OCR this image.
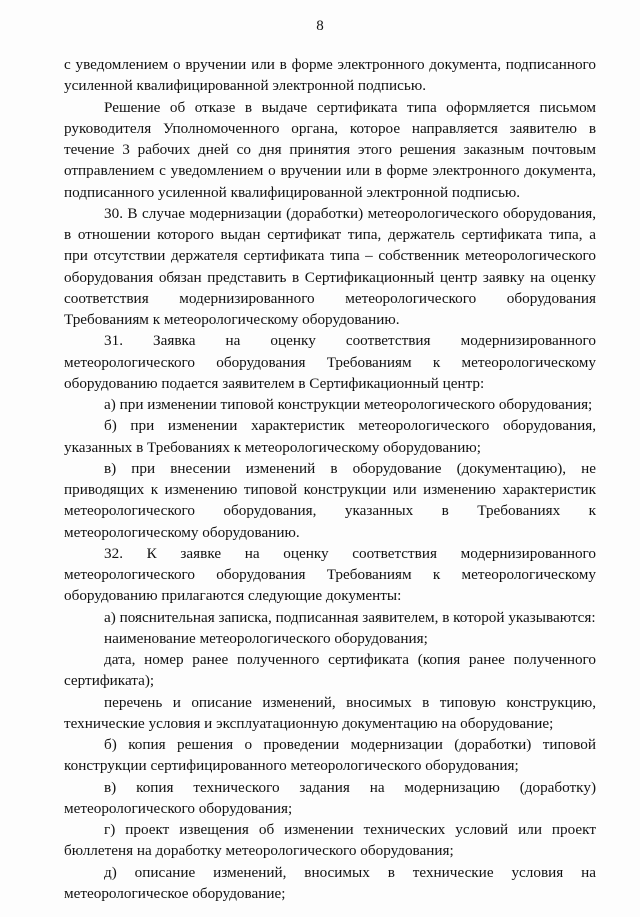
8

с уведомлением о вручении или в форме электронного документа, подписанного усиленной квалифицированной электронной подписью.

Решение об отказе в выдаче сертификата типа оформляется письмом руководителя Уполномоченного органа, которое направляется заявителю в течение 3 рабочих дней со дня принятия этого решения заказным почтовым отправлением с уведомлением о вручении или в форме электронного документа, подписанного усиленной квалифицированной электронной подписью.

30. В случае модернизации (доработки) метеорологического оборудования, в отношении которого выдан сертификат типа, держатель сертификата типа, а при отсутствии держателя сертификата типа – собственник метеорологического оборудования обязан представить в Сертификационный центр заявку на оценку соответствия модернизированного метеорологического оборудования Требованиям к метеорологическому оборудованию.

31. Заявка на оценку соответствия модернизированного метеорологического оборудования Требованиям к метеорологическому оборудованию подается заявителем в Сертификационный центр:

а) при изменении типовой конструкции метеорологического оборудования;

б) при изменении характеристик метеорологического оборудования, указанных в Требованиях к метеорологическому оборудованию;

в) при внесении изменений в оборудование (документацию), не приводящих к изменению типовой конструкции или изменению характеристик метеорологического оборудования, указанных в Требованиях к метеорологическому оборудованию.

32. К заявке на оценку соответствия модернизированного метеорологического оборудования Требованиям к метеорологическому оборудованию прилагаются следующие документы:

а) пояснительная записка, подписанная заявителем, в которой указываются:

наименование метеорологического оборудования;

дата, номер ранее полученного сертификата (копия ранее полученного сертификата);

перечень и описание изменений, вносимых в типовую конструкцию, технические условия и эксплуатационную документацию на оборудование;

б) копия решения о проведении модернизации (доработки) типовой конструкции сертифицированного метеорологического оборудования;

в) копия технического задания на модернизацию (доработку) метеорологического оборудования;

г) проект извещения об изменении технических условий или проект бюллетеня на доработку метеорологического оборудования;

д) описание изменений, вносимых в технические условия на метеорологическое оборудование;
